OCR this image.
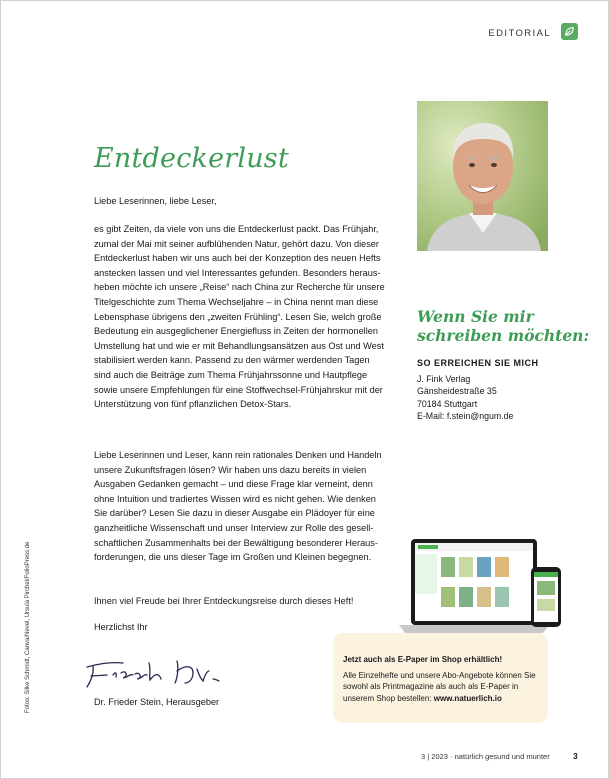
EDITORIAL
Entdeckerlust
Liebe Leserinnen, liebe Leser,

es gibt Zeiten, da viele von uns die Entdeckerlust packt. Das Frühjahr,
zumal der Mai mit seiner aufblühenden Natur, gehört dazu. Von dieser
Entdeckerlust haben wir uns auch bei der Konzeption des neuen Hefts
anstecken lassen und viel Interessantes gefunden. Besonders heraus-
heben möchte ich unsere „Reise“ nach China zur Recherche für unsere
Titelgeschichte zum Thema Wechseljahre – in China nennt man diese
Lebensphase übrigens den „zweiten Frühling“. Lesen Sie, welch große
Bedeutung ein ausgeglichener Energiefluss in Zeiten der hormonellen
Umstellung hat und wie er mit Behandlungsansätzen aus Ost und West
stabilisiert werden kann. Passend zu den wärmer werdenden Tagen
sind auch die Beiträge zum Thema Frühjahrssonne und Hautpflege
sowie unsere Empfehlungen für eine Stoffwechsel-Frühjahrskur mit der
Unterstützung von fünf pflanzlichen Detox-Stars.

Liebe Leserinnen und Leser, kann rein rationales Denken und Handeln
unsere Zukunftsfragen lösen? Wir haben uns dazu bereits in vielen
Ausgaben Gedanken gemacht – und diese Frage klar verneint, denn
ohne Intuition und tradiertes Wissen wird es nicht gehen. Wie denken
Sie darüber? Lesen Sie dazu in dieser Ausgabe ein Plädoyer für eine
ganzheitliche Wissenschaft und unser Interview zur Rolle des gesell-
schaftlichen Zusammenhalts bei der Bewältigung besonderer Heraus-
forderungen, die uns dieser Tage im Großen und Kleinen begegnen.

Ihnen viel Freude bei Ihrer Entdeckungsreise durch dieses Heft!

Herzlichst Ihr

Dr. Frieder Stein, Herausgeber
Wenn Sie mir
schreiben möchten:
SO ERREICHEN SIE MICH
J. Fink Verlag
Gänsheidestraße 35
70184 Stuttgart
E-Mail: f.stein@ngum.de
Fotos: Silke Schmidt, Canva/Nevel, Ursula Pirchel/FolioPress.de	Jetzt auch als E-Paper im Shop erhältlich!
Alle Einzelhefte und unsere Abo-Angebote können Sie sowohl als Printmagazine als auch als E-Paper in unserem Shop bestellen: www.natuerlich.io
3 | 2023 · natürlich gesund und munter	3
